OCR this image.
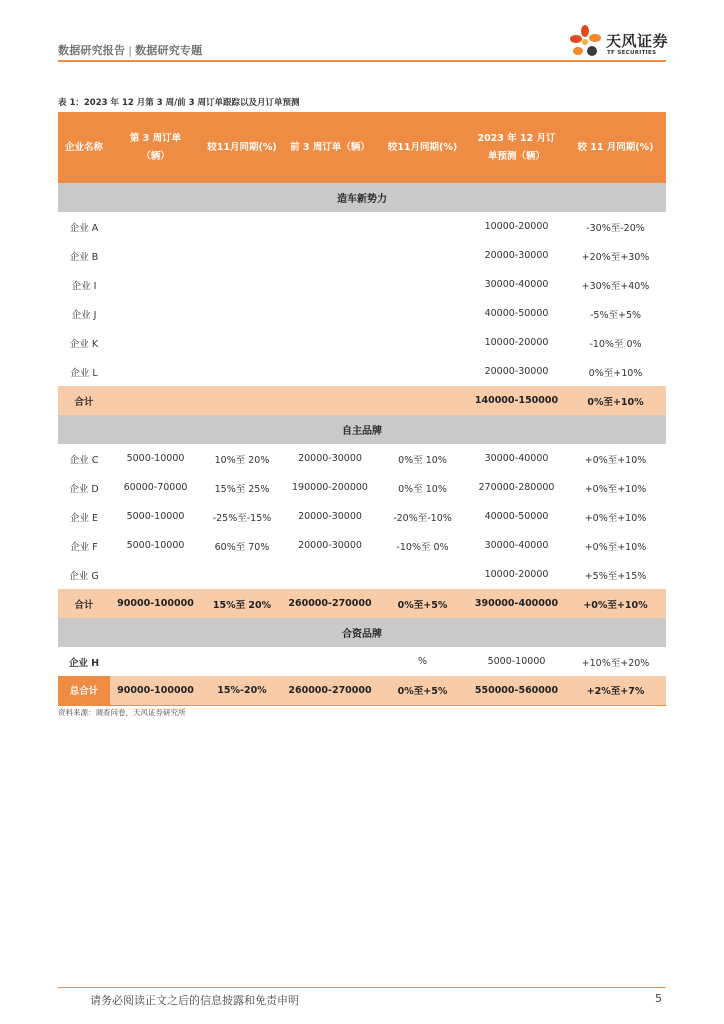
数据研究报告 | 数据研究专题
天风证券
TF SECURITIES
表 1：2023 年 12 月第 3 周/前 3 周订单跟踪以及月订单预测
企业名称	第 3 周订单（辆）	较11月同期(%)	前 3 周订单（辆）	较11月同期(%)	2023 年 12 月订单预测（辆）	较 11 月同期(%)
造车新势力						
企业 A					10000-20000	-30%至-20%
企业 B					20000-30000	+20%至+30%
企业 I					30000-40000	+30%至+40%
企业 J					40000-50000	-5%至+5%
企业 K					10000-20000	-10%至 0%
企业 L					20000-30000	0%至+10%
合计					140000-150000	0%至+10%
自主品牌						
企业 C	5000-10000	10%至 20%	20000-30000	0%至 10%	30000-40000	+0%至+10%
企业 D	60000-70000	15%至 25%	190000-200000	0%至 10%	270000-280000	+0%至+10%
企业 E	5000-10000	-25%至-15%	20000-30000	-20%至-10%	40000-50000	+0%至+10%
企业 F	5000-10000	60%至 70%	20000-30000	-10%至 0%	30000-40000	+0%至+10%
企业 G					10000-20000	+5%至+15%
合计	90000-100000	15%至 20%	260000-270000	0%至+5%	390000-400000	+0%至+10%
合资品牌						
企业 H				%	5000-10000	+10%至+20%
总合计	90000-100000	15%-20%	260000-270000	0%至+5%	550000-560000	+2%至+7%
资料来源：调查问卷，天风证券研究所
请务必阅读正文之后的信息披露和免责申明	5
